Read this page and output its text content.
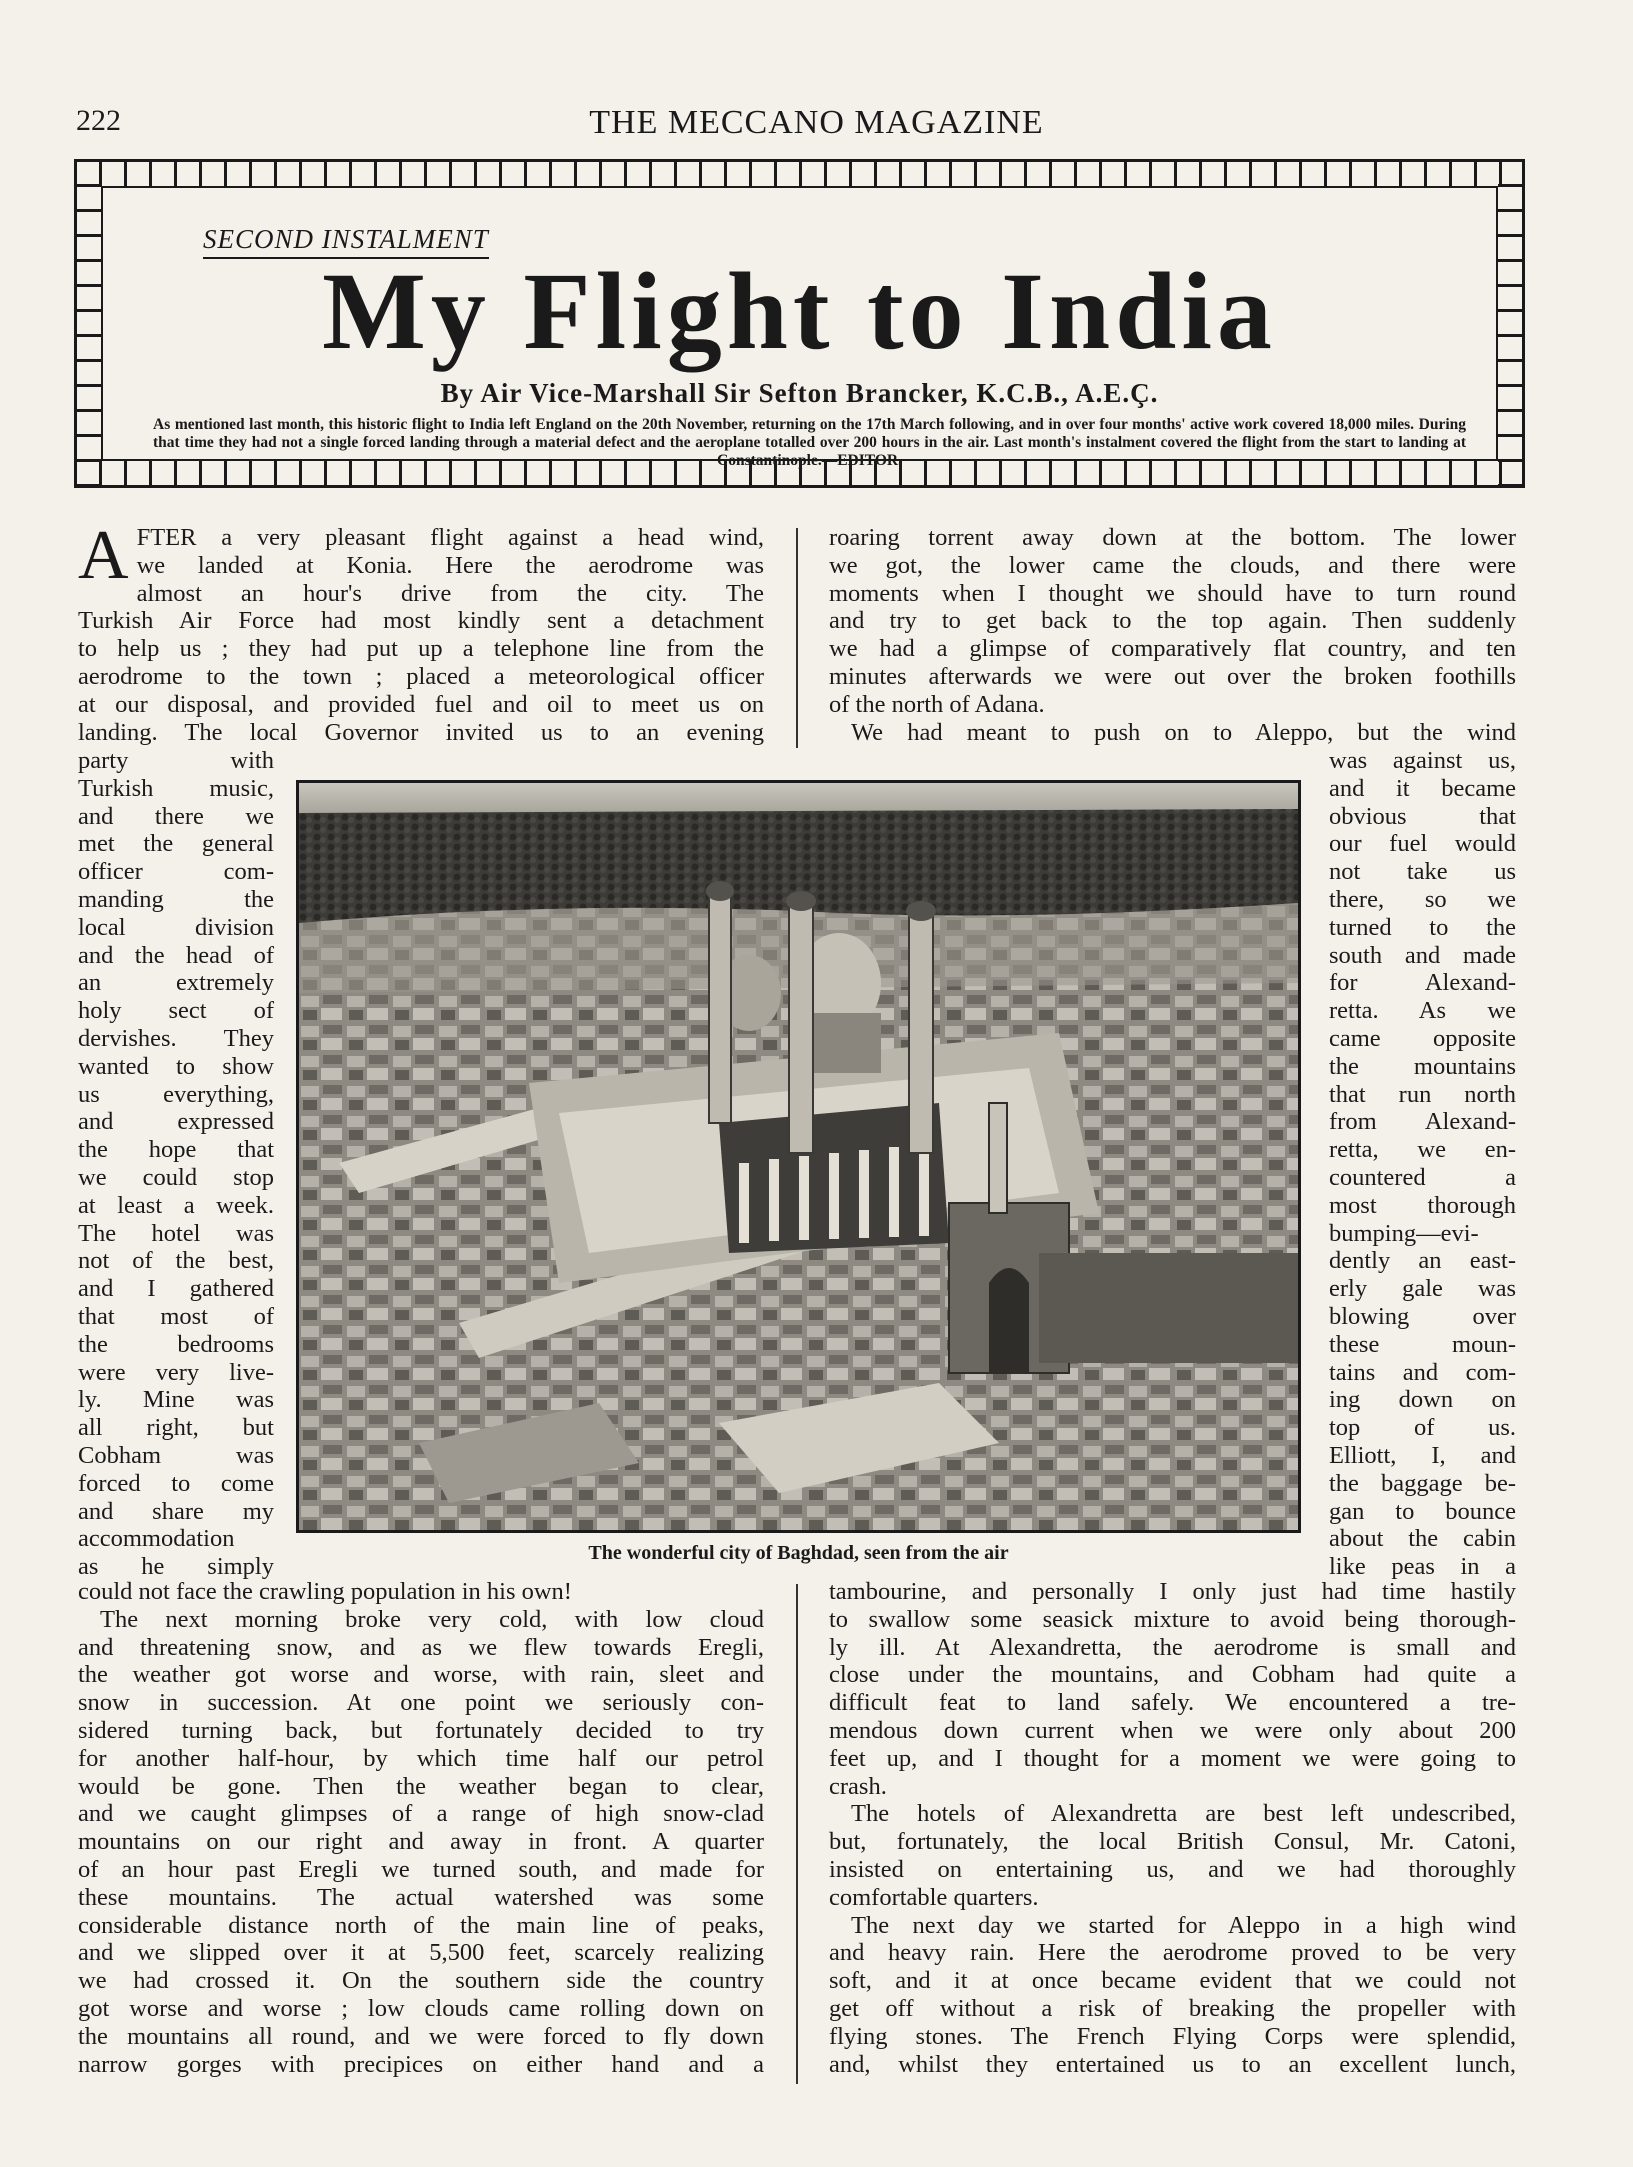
222	THE MECCANO MAGAZINE
SECOND INSTALMENT
My Flight to India
By Air Vice-Marshall Sir Sefton Brancker, K.C.B., A.E.Ç.
As mentioned last month, this historic flight to India left England on the 20th November, returning on the 17th March following, and in over four months' active work covered 18,000 miles. During that time they had not a single forced landing through a material defect and the aeroplane totalled over 200 hours in the air. Last month's instalment covered the flight from the start to landing at Constantinople.—EDITOR.
A FTER a very pleasant flight against a head wind,

we landed at Konia. Here the aerodrome was

almost an hour's drive from the city. The

Turkish Air Force had most kindly sent a detachment

to help us ; they had put up a telephone line from the

aerodrome to the town ; placed a meteorological officer

at our disposal, and provided fuel and oil to meet us on

landing. The local Governor invited us to an evening

party with

Turkish music,

and there we

met the general

officer com-

manding the

local division

and the head of

an extremely

holy sect of

dervishes. They

wanted to show

us everything,

and expressed

the hope that

we could stop

at least a week.

The hotel was

not of the best,

and I gathered

that most of

the bedrooms

were very live-

ly. Mine was

all right, but

Cobham was

forced to come

and share my

accommodation

as he simply

could not face the crawling population in his own!

The next morning broke very cold, with low cloud

and threatening snow, and as we flew towards Eregli,

the weather got worse and worse, with rain, sleet and

snow in succession. At one point we seriously con-

sidered turning back, but fortunately decided to try

for another half-hour, by which time half our petrol

would be gone. Then the weather began to clear,

and we caught glimpses of a range of high snow-clad

mountains on our right and away in front. A quarter

of an hour past Eregli we turned south, and made for

these mountains. The actual watershed was some

considerable distance north of the main line of peaks,

and we slipped over it at 5,500 feet, scarcely realizing

we had crossed it. On the southern side the country

got worse and worse ; low clouds came rolling down on

the mountains all round, and we were forced to fly down

narrow gorges with precipices on either hand and a

roaring torrent away down at the bottom. The lower

we got, the lower came the clouds, and there were

moments when I thought we should have to turn round

and try to get back to the top again. Then suddenly

we had a glimpse of comparatively flat country, and ten

minutes afterwards we were out over the broken foothills

of the north of Adana.

We had meant to push on to Aleppo, but the wind

was against us,

and it became

obvious that

our fuel would

not take us

there, so we

turned to the

south and made

for Alexand-

retta. As we

came opposite

the mountains

that run north

from Alexand-

retta, we en-

countered a

most thorough

bumping—evi-

dently an east-

erly gale was

blowing over

these moun-

tains and com-

ing down on

top of us.

Elliott, I, and

the baggage be-

gan to bounce

about the cabin

like peas in a

tambourine, and personally I only just had time hastily

to swallow some seasick mixture to avoid being thorough-

ly ill. At Alexandretta, the aerodrome is small and

close under the mountains, and Cobham had quite a

difficult feat to land safely. We encountered a tre-

mendous down current when we were only about 200

feet up, and I thought for a moment we were going to

crash.

The hotels of Alexandretta are best left undescribed,

but, fortunately, the local British Consul, Mr. Catoni,

insisted on entertaining us, and we had thoroughly

comfortable quarters.

The next day we started for Aleppo in a high wind

and heavy rain. Here the aerodrome proved to be very

soft, and it at once became evident that we could not

get off without a risk of breaking the propeller with

flying stones. The French Flying Corps were splendid,

and, whilst they entertained us to an excellent lunch,

The wonderful city of Baghdad, seen from the air
